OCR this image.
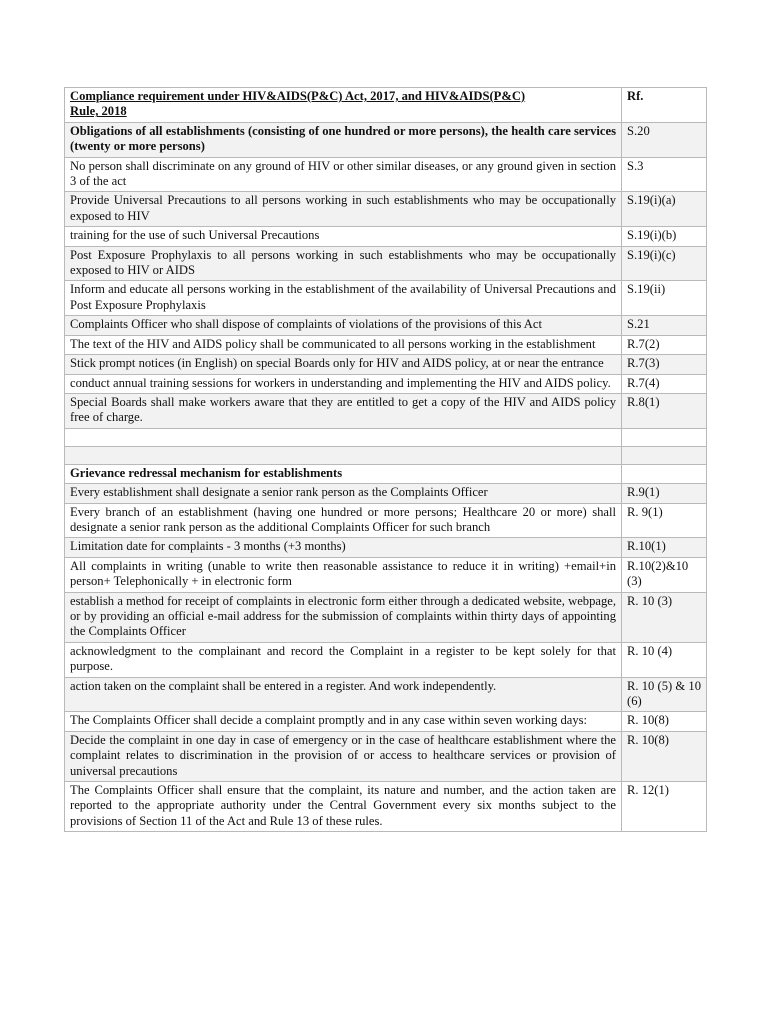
Compliance requirement under HIV&AIDS(P&C) Act, 2017, and HIV&AIDS(P&C)
Rule, 2018	Rf.
Obligations of all establishments (consisting of one hundred or more persons), the health care services (twenty or more persons)	S.20
No person shall discriminate on any ground of HIV or other similar diseases, or any ground given in section 3 of the act	S.3
Provide Universal Precautions to all persons working in such establishments who may be occupationally exposed to HIV	S.19(i)(a)
training for the use of such Universal Precautions	S.19(i)(b)
Post Exposure Prophylaxis to all persons working in such establishments who may be occupationally exposed to HIV or AIDS	S.19(i)(c)
Inform and educate all persons working in the establishment of the availability of Universal Precautions and Post Exposure Prophylaxis	S.19(ii)
Complaints Officer who shall dispose of complaints of violations of the provisions of this Act	S.21
The text of the HIV and AIDS policy shall be communicated to all persons working in the establishment	R.7(2)
Stick prompt notices (in English) on special Boards only for HIV and AIDS policy, at or near the entrance	R.7(3)
conduct annual training sessions for workers in understanding and implementing the HIV and AIDS policy.	R.7(4)
Special Boards shall make workers aware that they are entitled to get a copy of the HIV and AIDS policy free of charge.	R.8(1)

Grievance redressal mechanism for establishments	
Every establishment shall designate a senior rank person as the Complaints Officer	R.9(1)
Every branch of an establishment (having one hundred or more persons; Healthcare 20 or more) shall designate a senior rank person as the additional Complaints Officer for such branch	R. 9(1)
Limitation date for complaints - 3 months (+3 months)	R.10(1)
All complaints in writing (unable to write then reasonable assistance to reduce it in writing) +email+in person+ Telephonically + in electronic form	R.10(2)&10 (3)
establish a method for receipt of complaints in electronic form either through a dedicated website, webpage, or by providing an official e-mail address for the submission of complaints within thirty days of appointing the Complaints Officer	R. 10 (3)
acknowledgment to the complainant and record the Complaint in a register to be kept solely for that purpose.	R. 10 (4)
action taken on the complaint shall be entered in a register. And work independently.	R. 10 (5) & 10 (6)
The Complaints Officer shall decide a complaint promptly and in any case within seven working days:	R. 10(8)
Decide the complaint in one day in case of emergency or in the case of healthcare establishment where the complaint relates to discrimination in the provision of or access to healthcare services or provision of universal precautions	R. 10(8)
The Complaints Officer shall ensure that the complaint, its nature and number, and the action taken are reported to the appropriate authority under the Central Government every six months subject to the provisions of Section 11 of the Act and Rule 13 of these rules.	R. 12(1)
